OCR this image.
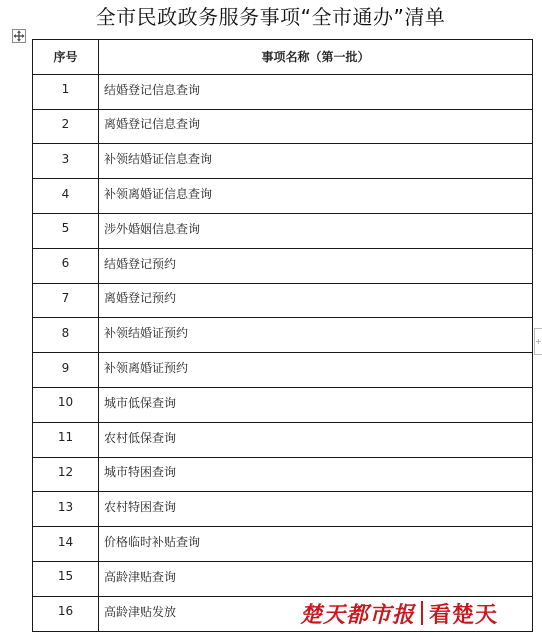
全市民政政务服务事项“全市通办”清单
+
序号	事项名称（第一批）
1	结婚登记信息查询
2	离婚登记信息查询
3	补领结婚证信息查询
4	补领离婚证信息查询
5	涉外婚姻信息查询
6	结婚登记预约
7	离婚登记预约
8	补领结婚证预约
9	补领离婚证预约
10	城市低保查询
11	农村低保查询
12	城市特困查询
13	农村特困查询
14	价格临时补贴查询
15	高龄津贴查询
16	高龄津贴发放	楚天都市报 看楚天
